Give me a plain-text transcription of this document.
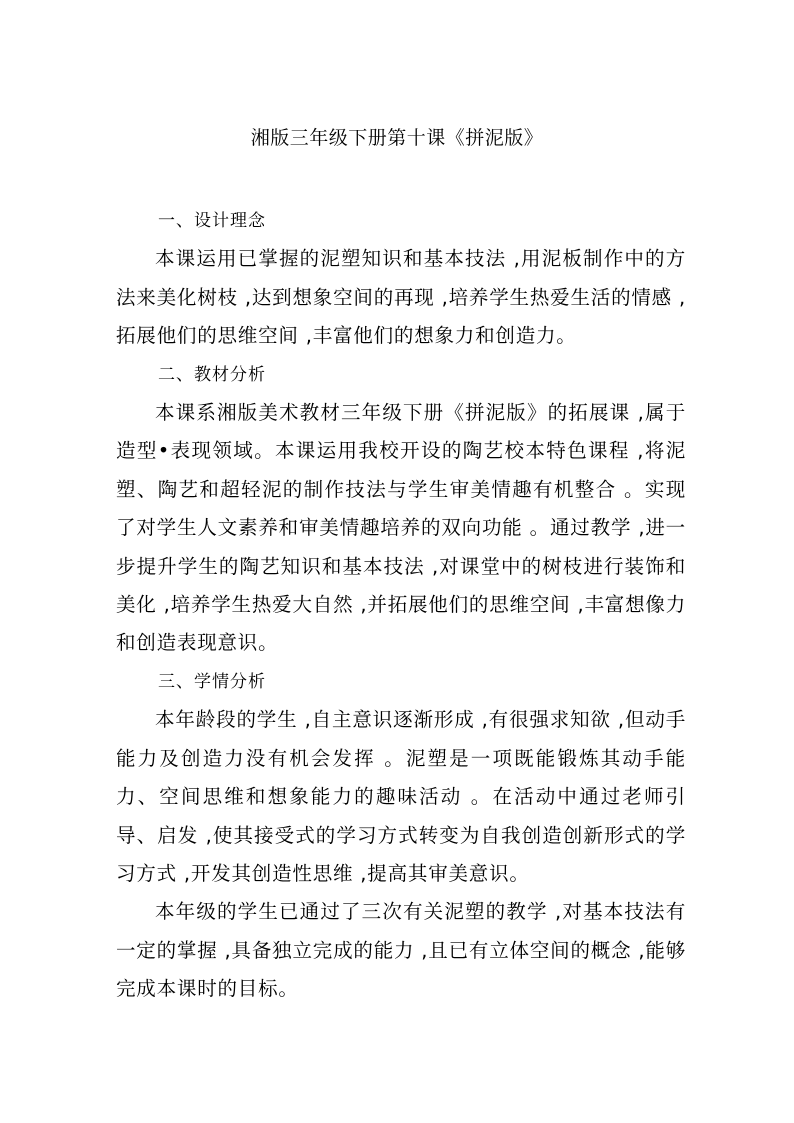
湘版三年级下册第十课《拼泥版》

一、设计理念

本课运用已掌握的泥塑知识和基本技法 ,用泥板制作中的方法来美化树枝 ,达到想象空间的再现 ,培养学生热爱生活的情感 ,拓展他们的思维空间 ,丰富他们的想象力和创造力。

二、教材分析

本课系湘版美术教材三年级下册《拼泥版》的拓展课 ,属于造型•表现领域。本课运用我校开设的陶艺校本特色课程 ,将泥塑、陶艺和超轻泥的制作技法与学生审美情趣有机整合 。实现了对学生人文素养和审美情趣培养的双向功能 。通过教学 ,进一步提升学生的陶艺知识和基本技法 ,对课堂中的树枝进行装饰和美化 ,培养学生热爱大自然 ,并拓展他们的思维空间 ,丰富想像力和创造表现意识。

三、学情分析

本年龄段的学生 ,自主意识逐渐形成 ,有很强求知欲 ,但动手能力及创造力没有机会发挥 。泥塑是一项既能锻炼其动手能力、空间思维和想象能力的趣味活动 。在活动中通过老师引导、启发 ,使其接受式的学习方式转变为自我创造创新形式的学习方式 ,开发其创造性思维 ,提高其审美意识。

本年级的学生已通过了三次有关泥塑的教学 ,对基本技法有一定的掌握 ,具备独立完成的能力 ,且已有立体空间的概念 ,能够完成本课时的目标。
